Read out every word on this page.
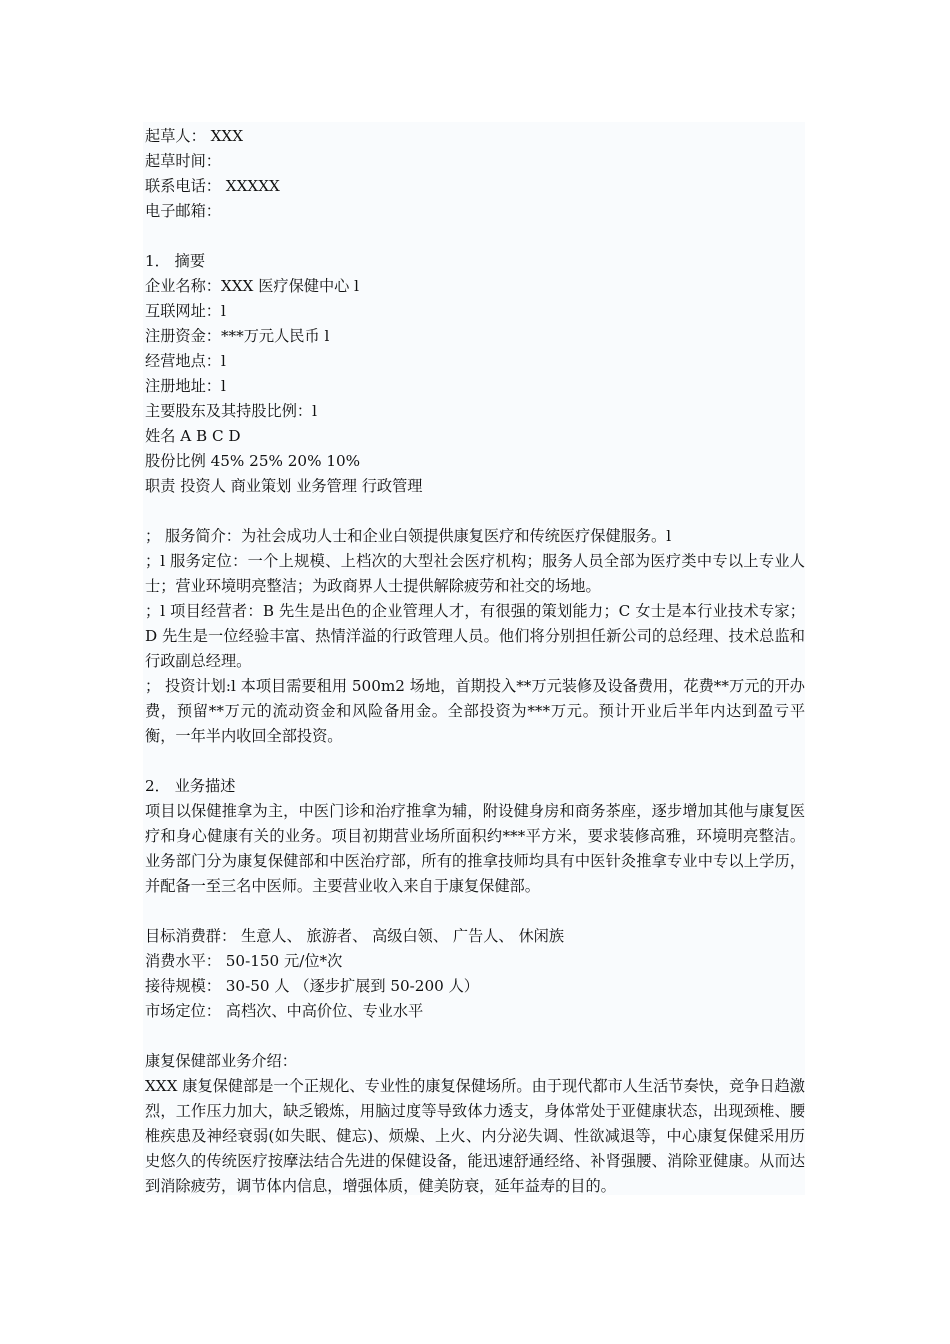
起草人： XXX

起草时间：

联系电话： XXXXX

电子邮箱：

1． 摘要

企业名称：XXX 医疗保健中心 l

互联网址：l

注册资金：***万元人民币 l

经营地点：l

注册地址：l

主要股东及其持股比例：l

姓名 A B C D

股份比例 45% 25% 20% 10%

职责 投资人 商业策划 业务管理 行政管理

； 服务简介：为社会成功人士和企业白领提供康复医疗和传统医疗保健服务。l

；l 服务定位：一个上规模、上档次的大型社会医疗机构；服务人员全部为医疗类中专以上专业人士；营业环境明亮整洁；为政商界人士提供解除疲劳和社交的场地。

；l 项目经营者：B 先生是出色的企业管理人才，有很强的策划能力；C 女士是本行业技术专家；D 先生是一位经验丰富、热情洋溢的行政管理人员。他们将分别担任新公司的总经理、技术总监和行政副总经理。

； 投资计划:l 本项目需要租用 500m2 场地，首期投入**万元装修及设备费用，花费**万元的开办费，预留**万元的流动资金和风险备用金。全部投资为***万元。预计开业后半年内达到盈亏平衡，一年半内收回全部投资。

2． 业务描述

项目以保健推拿为主，中医门诊和治疗推拿为辅，附设健身房和商务茶座，逐步增加其他与康复医疗和身心健康有关的业务。项目初期营业场所面积约***平方米，要求装修高雅，环境明亮整洁。业务部门分为康复保健部和中医治疗部，所有的推拿技师均具有中医针灸推拿专业中专以上学历，并配备一至三名中医师。主要营业收入来自于康复保健部。

目标消费群： 生意人、 旅游者、 高级白领、 广告人、 休闲族

消费水平： 50-150 元/位*次

接待规模： 30-50 人 （逐步扩展到 50-200 人）

市场定位： 高档次、中高价位、专业水平

康复保健部业务介绍：

XXX 康复保健部是一个正规化、专业性的康复保健场所。由于现代都市人生活节奏快，竞争日趋激烈，工作压力加大，缺乏锻炼，用脑过度等导致体力透支，身体常处于亚健康状态，出现颈椎、腰椎疾患及神经衰弱(如失眠、健忘)、烦燥、上火、内分泌失调、性欲减退等，中心康复保健采用历史悠久的传统医疗按摩法结合先进的保健设备，能迅速舒通经络、补肾强腰、消除亚健康。从而达到消除疲劳，调节体内信息，增强体质，健美防衰，延年益寿的目的。
